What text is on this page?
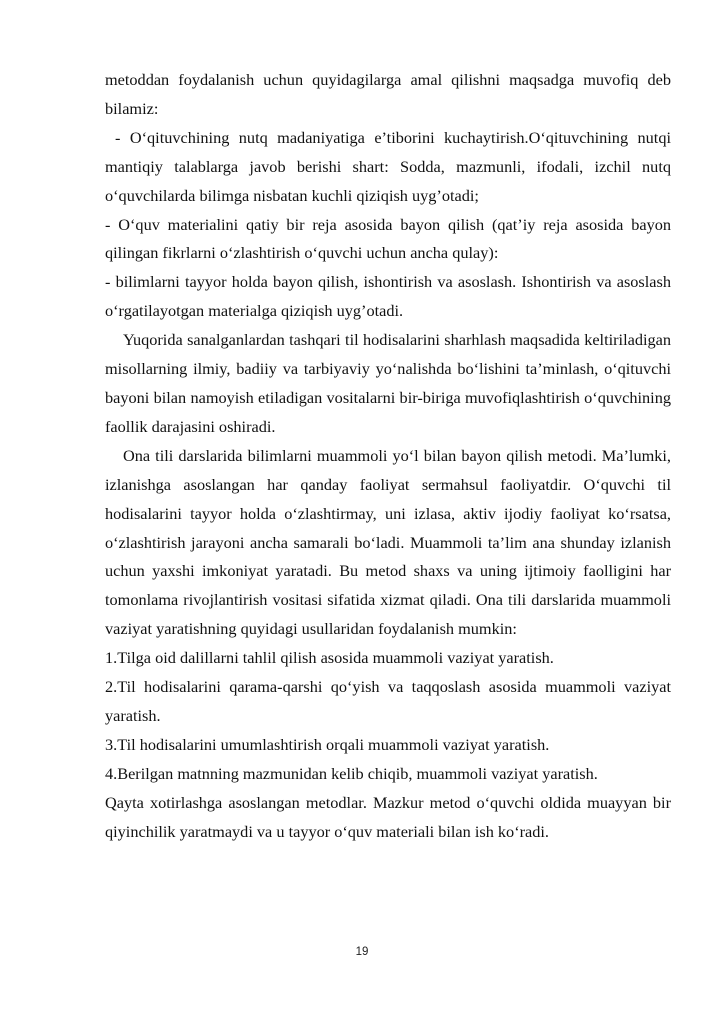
metoddan foydalanish uchun quyidagilarga amal qilishni maqsadga muvofiq deb bilamiz:

- O‘qituvchining nutq madaniyatiga e’tiborini kuchaytirish.O‘qituvchining nutqi mantiqiy talablarga javob berishi shart: Sodda, mazmunli, ifodali, izchil nutq o‘quvchilarda bilimga nisbatan kuchli qiziqish uyg’otadi;

- O‘quv materialini qatiy bir reja asosida bayon qilish (qat’iy reja asosida bayon qilingan fikrlarni o‘zlashtirish o‘quvchi uchun ancha qulay):

- bilimlarni tayyor holda bayon qilish, ishontirish va asoslash. Ishontirish va asoslash o‘rgatilayotgan materialga qiziqish uyg’otadi.

Yuqorida sanalganlardan tashqari til hodisalarini sharhlash maqsadida keltiriladigan misollarning ilmiy, badiiy va tarbiyaviy yo‘nalishda bo‘lishini ta’minlash, o‘qituvchi bayoni bilan namoyish etiladigan vositalarni bir-biriga muvofiqlashtirish o‘quvchining faollik darajasini oshiradi.

Ona tili darslarida bilimlarni muammoli yo‘l bilan bayon qilish metodi. Ma’lumki, izlanishga asoslangan har qanday faoliyat sermahsul faoliyatdir. O‘quvchi til hodisalarini tayyor holda o‘zlashtirmay, uni izlasa, aktiv ijodiy faoliyat ko‘rsatsa, o‘zlashtirish jarayoni ancha samarali bo‘ladi. Muammoli ta’lim ana shunday izlanish uchun yaxshi imkoniyat yaratadi. Bu metod shaxs va uning ijtimoiy faolligini har tomonlama rivojlantirish vositasi sifatida xizmat qiladi. Ona tili darslarida muammoli vaziyat yaratishning quyidagi usullaridan foydalanish mumkin:

1.Tilga oid dalillarni tahlil qilish asosida muammoli vaziyat yaratish.

2.Til hodisalarini qarama-qarshi qo‘yish va taqqoslash asosida muammoli vaziyat yaratish.

3.Til hodisalarini umumlashtirish orqali muammoli vaziyat yaratish.

4.Berilgan matnning mazmunidan kelib chiqib, muammoli vaziyat yaratish.

Qayta xotirlashga asoslangan metodlar. Mazkur metod o‘quvchi oldida muayyan bir qiyinchilik yaratmaydi va u tayyor o‘quv materiali bilan ish ko‘radi.

19
